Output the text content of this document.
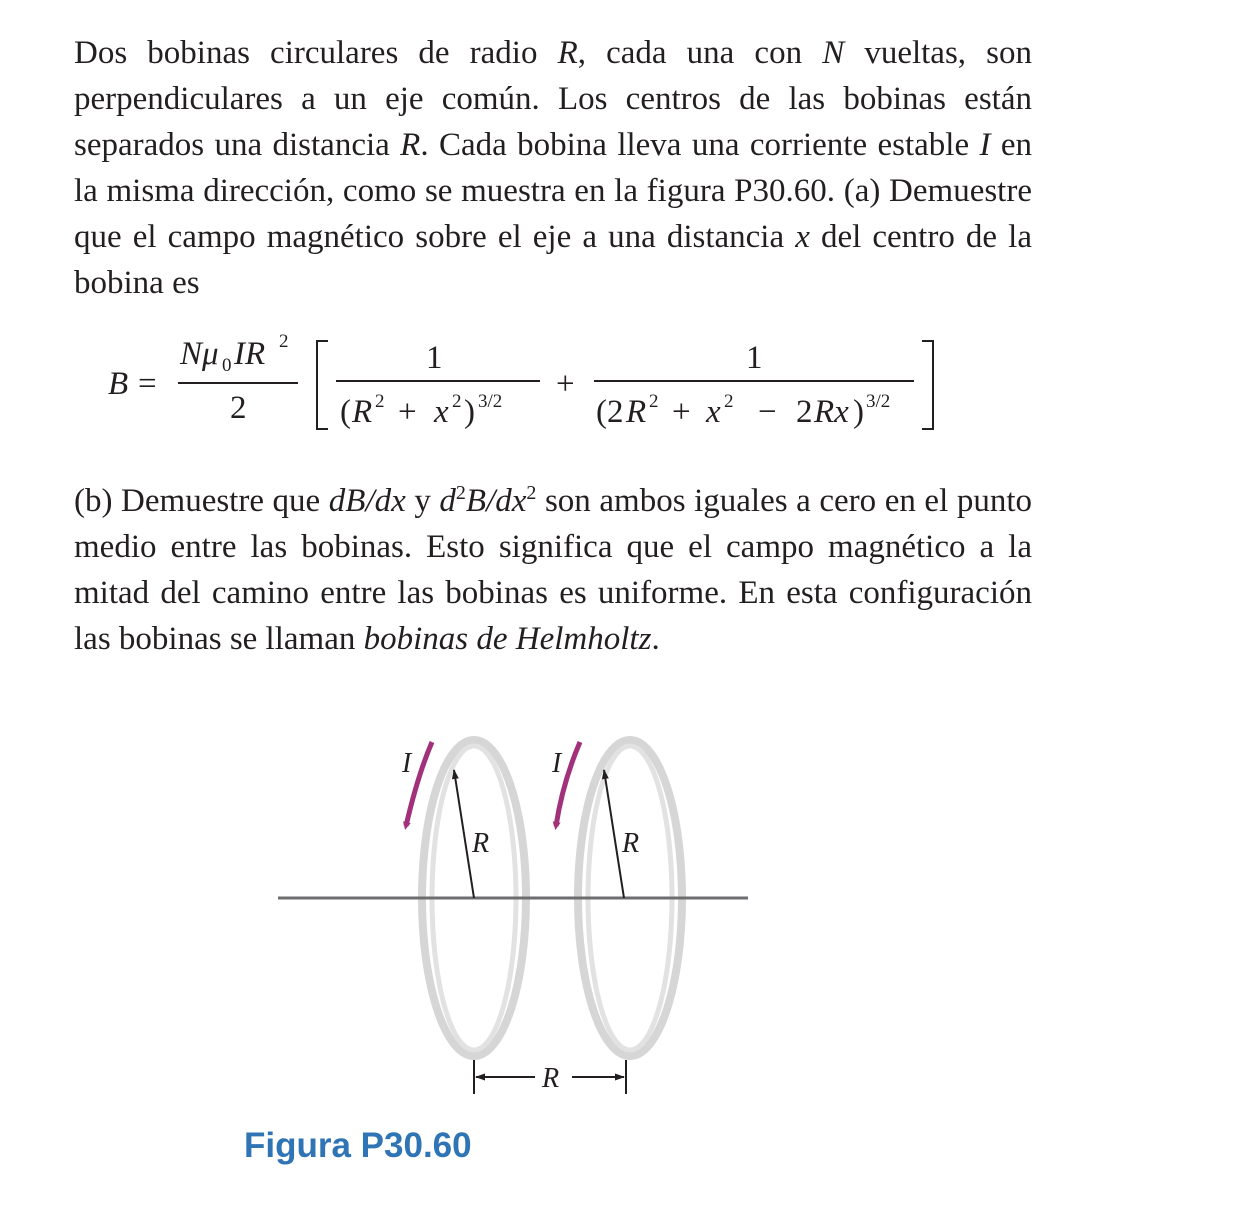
Dos bobinas circulares de radio R, cada una con N vueltas, son perpendiculares a un eje común. Los centros de las bobinas están separados una distancia R. Cada bobina lleva una corriente estable I en la misma dirección, como se muestra en la figura P30.60. (a) Demuestre que el campo magnético sobre el eje a una distancia x del centro de la bobina es
B =
Nμ 0 IR 2
2
1
( R 2 + x 2 ) 3/2 +
1
(2 R 2 + x 2 − 2 Rx ) 3/2
(b) Demuestre que dB/dx y $d^2B/dx^2$ son ambos iguales a cero en el punto medio entre las bobinas. Esto significa que el campo magnético a la mitad del camino entre las bobinas es uniforme. En esta configuración las bobinas se llaman bobinas de Helmholtz.
I	I
R	R
R
Figura P30.60
